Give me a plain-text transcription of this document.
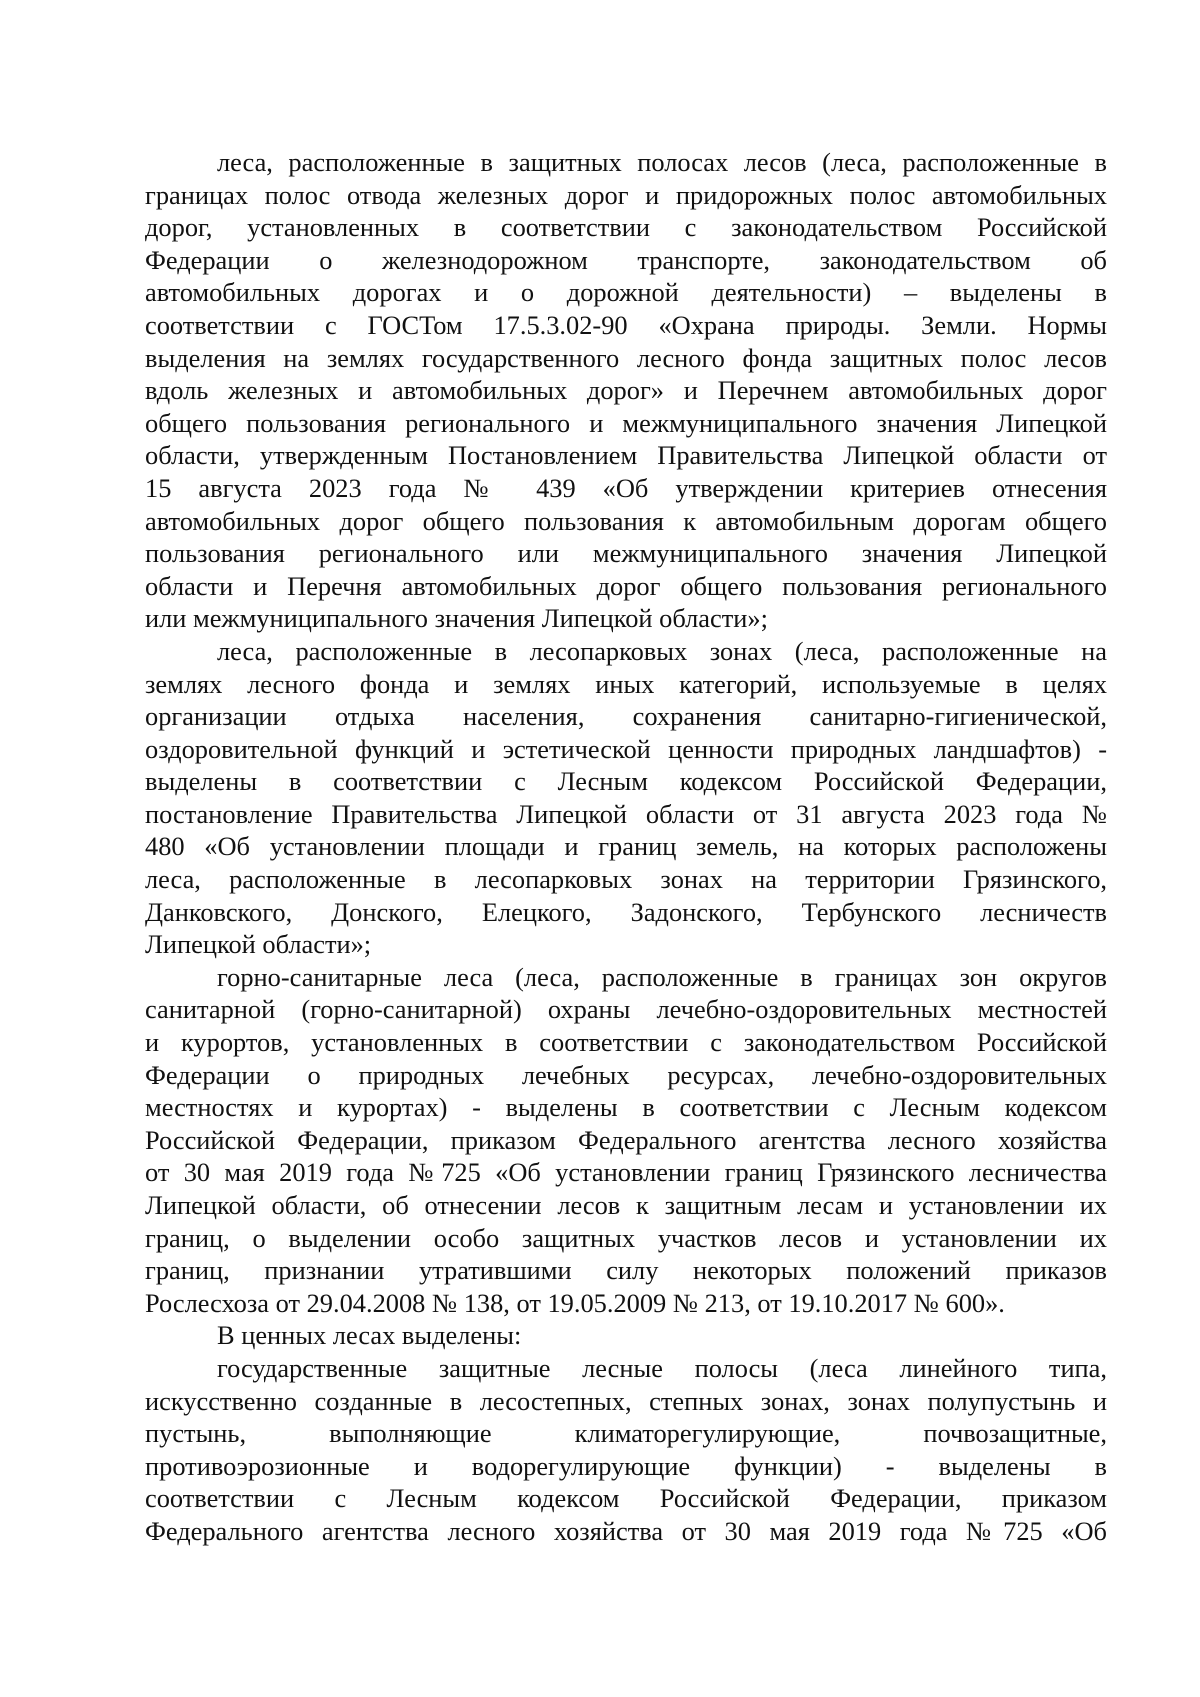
леса, расположенные в защитных полосах лесов (леса, расположенные в
границах полос отвода железных дорог и придорожных полос автомобильных
дорог, установленных в соответствии с законодательством Российской
Федерации о железнодорожном транспорте, законодательством об
автомобильных дорогах и о дорожной деятельности) – выделены в
соответствии с ГОСТом 17.5.3.02-90 «Охрана природы. Земли. Нормы
выделения на землях государственного лесного фонда защитных полос лесов
вдоль железных и автомобильных дорог» и Перечнем автомобильных дорог
общего пользования регионального и межмуниципального значения Липецкой
области, утвержденным Постановлением Правительства Липецкой области от
15 августа 2023 года № 439 «Об утверждении критериев отнесения
автомобильных дорог общего пользования к автомобильным дорогам общего
пользования регионального или межмуниципального значения Липецкой
области и Перечня автомобильных дорог общего пользования регионального
или межмуниципального значения Липецкой области»;
леса, расположенные в лесопарковых зонах (леса, расположенные на
землях лесного фонда и землях иных категорий, используемые в целях
организации отдыха населения, сохранения санитарно-гигиенической,
оздоровительной функций и эстетической ценности природных ландшафтов) -
выделены в соответствии с Лесным кодексом Российской Федерации,
постановление Правительства Липецкой области от 31 августа 2023 года №
480 «Об установлении площади и границ земель, на которых расположены
леса, расположенные в лесопарковых зонах на территории Грязинского,
Данковского, Донского, Елецкого, Задонского, Тербунского лесничеств
Липецкой области»;
горно-санитарные леса (леса, расположенные в границах зон округов
санитарной (горно-санитарной) охраны лечебно-оздоровительных местностей
и курортов, установленных в соответствии с законодательством Российской
Федерации о природных лечебных ресурсах, лечебно-оздоровительных
местностях и курортах) - выделены в соответствии с Лесным кодексом
Российской Федерации, приказом Федерального агентства лесного хозяйства
от 30 мая 2019 года №725 «Об установлении границ Грязинского лесничества
Липецкой области, об отнесении лесов к защитным лесам и установлении их
границ, о выделении особо защитных участков лесов и установлении их
границ, признании утратившими силу некоторых положений приказов
Рослесхоза от 29.04.2008 № 138, от 19.05.2009 № 213, от 19.10.2017 № 600».
В ценных лесах выделены:
государственные защитные лесные полосы (леса линейного типа,
искусственно созданные в лесостепных, степных зонах, зонах полупустынь и
пустынь, выполняющие климаторегулирующие, почвозащитные,
противоэрозионные и водорегулирующие функции) - выделены в
соответствии с Лесным кодексом Российской Федерации, приказом
Федерального агентства лесного хозяйства от 30 мая 2019 года №725 «Об
